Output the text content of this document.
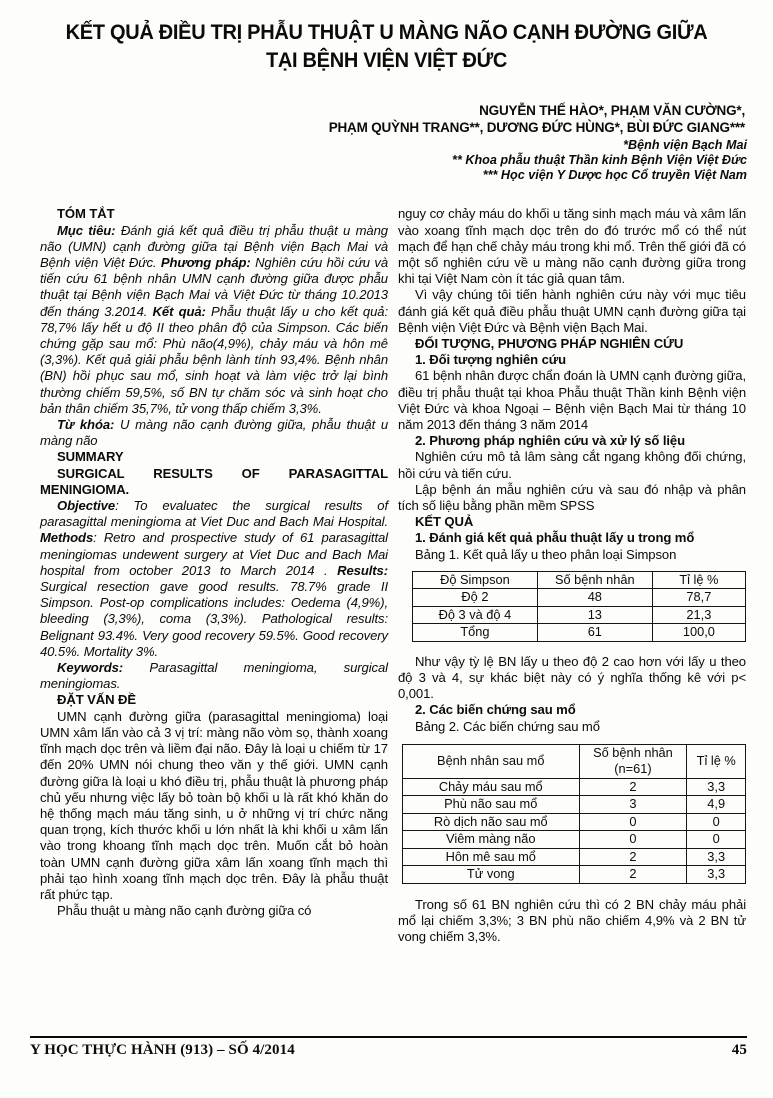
KẾT QUẢ ĐIỀU TRỊ PHẪU THUẬT U MÀNG NÃO CẠNH ĐƯỜNG GIỮA
TẠI BỆNH VIỆN VIỆT ĐỨC
NGUYỄN THẾ HÀO*, PHẠM VĂN CƯỜNG*,
PHẠM QUỲNH TRANG**, DƯƠNG ĐỨC HÙNG*, BÙI ĐỨC GIANG***
*Bệnh viện Bạch Mai
** Khoa phẫu thuật Thần kinh Bệnh Viện Việt Đức
*** Học viện Y Dược học Cổ truyền Việt Nam

TÓM TẮT

Mục tiêu: Đánh giá kết quả điều trị phẫu thuật u màng não (UMN) cạnh đường giữa tại Bệnh viện Bạch Mai và Bệnh viện Việt Đức. Phương pháp: Nghiên cứu hồi cứu và tiến cứu 61 bệnh nhân UMN cạnh đường giữa được phẫu thuật tại Bệnh viện Bạch Mai và Việt Đức từ tháng 10.2013 đến tháng 3.2014. Kết quả: Phẫu thuật lấy u cho kết quả: 78,7% lấy hết u độ II theo phân độ của Simpson. Các biến chứng gặp sau mổ: Phù não(4,9%), chảy máu và hôn mê (3,3%). Kết quả giải phẫu bệnh lành tính 93,4%. Bệnh nhân (BN) hồi phục sau mổ, sinh hoạt và làm việc trở lại bình thường chiếm 59,5%, số BN tự chăm sóc và sinh hoạt cho bản thân chiếm 35,7%, tử vong thấp chiếm 3,3%.

Từ khóa: U màng não cạnh đường giữa, phẫu thuật u màng não

SUMMARY

SURGICAL RESULTS OF PARASAGITTAL MENINGIOMA.

Objective: To evaluatec the surgical results of parasagittal meningioma at Viet Duc and Bach Mai Hospital. Methods: Retro and prospective study of 61 parasagittal meningiomas undewent surgery at Viet Duc and Bach Mai hospital from october 2013 to March 2014 . Results: Surgical resection gave good results. 78.7% grade II Simpson. Post-op complications includes: Oedema (4,9%), bleeding (3,3%), coma (3,3%). Pathological results: Belignant 93.4%. Very good recovery 59.5%. Good recovery 40.5%. Mortality 3%.

Keywords: Parasagittal meningioma, surgical meningiomas.

ĐẶT VẤN ĐỀ

UMN cạnh đường giữa (parasagittal meningioma) loại UMN xâm lấn vào cả 3 vị trí: màng não vòm sọ, thành xoang tĩnh mạch dọc trên và liềm đại não. Đây là loại u chiếm từ 17 đến 20% UMN nói chung theo văn y thế giới. UMN cạnh đường giữa là loại u khó điều trị, phẫu thuật là phương pháp chủ yếu nhưng việc lấy bỏ toàn bộ khối u là rất khó khăn do hệ thống mạch máu tăng sinh, u ở những vị trí chức năng quan trọng, kích thước khối u lớn nhất là khi khối u xâm lấn vào trong khoang tĩnh mạch dọc trên. Muốn cắt bỏ hoàn toàn UMN cạnh đường giữa xâm lấn xoang tĩnh mạch thì phải tạo hình xoang tĩnh mạch dọc trên. Đây là phẫu thuật rất phức tạp.

Phẫu thuật u màng não cạnh đường giữa có

nguy cơ chảy máu do khối u tăng sinh mạch máu và xâm lấn vào xoang tĩnh mạch dọc trên do đó trước mổ có thể nút mạch để hạn chế chảy máu trong khi mổ. Trên thế giới đã có một số nghiên cứu về u màng não cạnh đường giữa trong khi tại Việt Nam còn ít tác giả quan tâm.

Vì vậy chúng tôi tiến hành nghiên cứu này với mục tiêu đánh giá kết quả điều phẫu thuật UMN cạnh đường giữa tại Bệnh viện Việt Đức và Bệnh viện Bạch Mai.

ĐỐI TƯỢNG, PHƯƠNG PHÁP NGHIÊN CỨU

1. Đối tượng nghiên cứu

61 bệnh nhân được chẩn đoán là UMN cạnh đường giữa, điều trị phẫu thuật tại khoa Phẫu thuật Thần kinh Bệnh viện Việt Đức và khoa Ngoại – Bệnh viện Bạch Mai từ tháng 10 năm 2013 đến tháng 3 năm 2014

2. Phương pháp nghiên cứu và xử lý số liệu

Nghiên cứu mô tả lâm sàng cắt ngang không đối chứng, hồi cứu và tiến cứu.

Lập bệnh án mẫu nghiên cứu và sau đó nhập và phân tích số liệu bằng phần mềm SPSS

KẾT QUẢ

1. Đánh giá kết quả phẫu thuật lấy u trong mổ

Bảng 1. Kết quả lấy u theo phân loại Simpson

Độ Simpson	Số bệnh nhân	Tỉ lệ %
Độ 2	48	78,7
Độ 3 và độ 4	13	21,3
Tổng	61	100,0

Như vậy tỳ lệ BN lấy u theo độ 2 cao hơn với lấy u theo độ 3 và 4, sự khác biệt này có ý nghĩa thống kê với p< 0,001.

2. Các biến chứng sau mổ

Bảng 2. Các biến chứng sau mổ

Bệnh nhân sau mổ	Số bệnh nhân (n=61)	Tỉ lệ %
Chảy máu sau mổ	2	3,3
Phù não sau mổ	3	4,9
Rò dịch não sau mổ	0	0
Viêm màng não	0	0
Hôn mê sau mổ	2	3,3
Tử vong	2	3,3

Trong số 61 BN nghiên cứu thì có 2 BN chảy máu phải mổ lại chiếm 3,3%; 3 BN phù não chiếm 4,9% và 2 BN tử vong chiếm 3,3%.

Y HỌC THỰC HÀNH (913) – SỐ 4/2014	45
